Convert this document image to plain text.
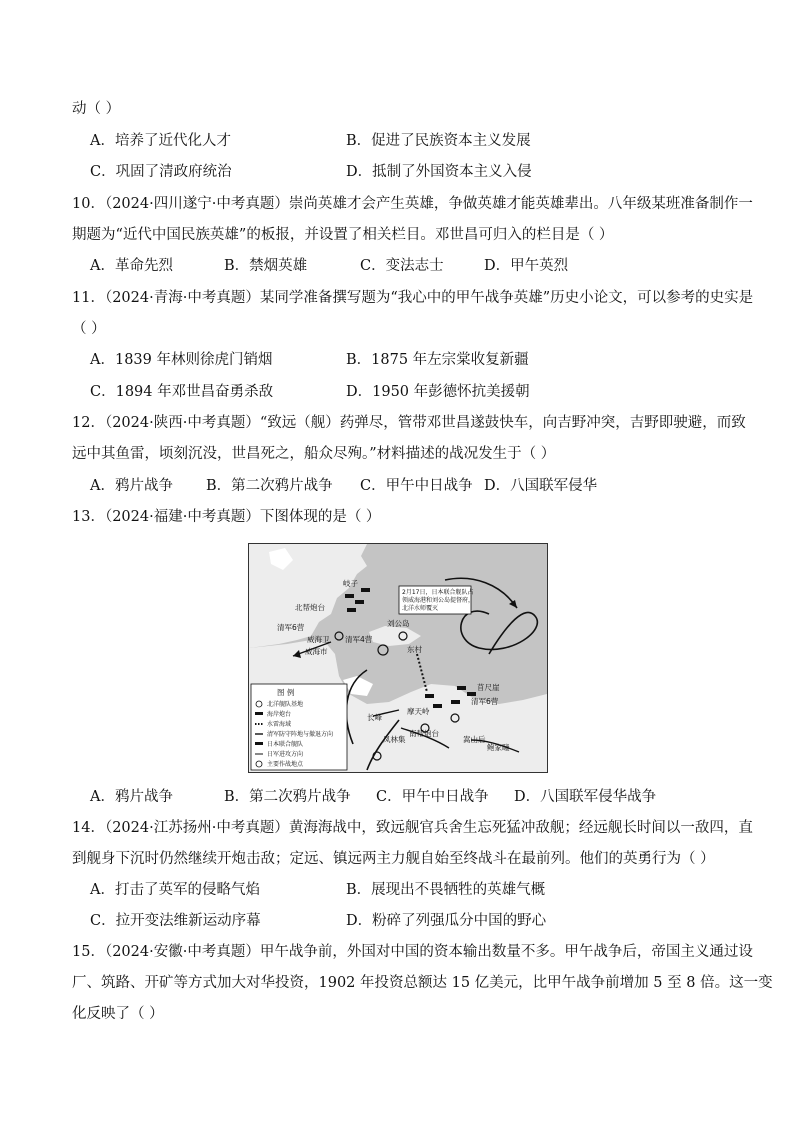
动（ ）
A．培养了近代化人才	B．促进了民族资本主义发展
C．巩固了清政府统治	D．抵制了外国资本主义入侵
10．（2024·四川遂宁·中考真题）崇尚英雄才会产生英雄，争做英雄才能英雄辈出。八年级某班准备制作一
期题为“近代中国民族英雄”的板报，并设置了相关栏目。邓世昌可归入的栏目是（ ）
A．革命先烈	B．禁烟英雄	C．变法志士	D．甲午英烈
11．（2024·青海·中考真题）某同学准备撰写题为“我心中的甲午战争英雄”历史小论文，可以参考的史实是
（ ）
A．1839 年林则徐虎门销烟	B．1875 年左宗棠收复新疆
C．1894 年邓世昌奋勇杀敌	D．1950 年彭德怀抗美援朝
12．（2024·陕西·中考真题）“致远（舰）药弹尽，管带邓世昌遂鼓快车，向吉野冲突，吉野即驶避，而致
远中其鱼雷，顷刻沉没，世昌死之，船众尽殉。”材料描述的战况发生于（ ）
A．鸦片战争 B．第二次鸦片战争 C．甲午中日战争 D．八国联军侵华
13．（2024·福建·中考真题）下图体现的是（ ）
2月17日，日本联合舰队占
领威海港和刘公岛提督府，
北洋水师覆灭
岐子
北帮炮台
清军6营
威海卫
威海市
清军4营
刘公岛
东村
苜尺崖
清军6营
长峰
摩天岭
南帮炮台
凤林集	嵩山后
鲍家疃
图 例
北洋舰队基地
海岸炮台
水雷海域
清军防守阵地与撤退方向
日本联合舰队
日军进攻方向
主要作战地点
A．鸦片战争	B．第二次鸦片战争 C．甲午中日战争 D．八国联军侵华战争
14．（2024·江苏扬州·中考真题）黄海海战中，致远舰官兵舍生忘死猛冲敌舰；经远舰长时间以一敌四，直
到舰身下沉时仍然继续开炮击敌；定远、镇远两主力舰自始至终战斗在最前列。他们的英勇行为（ ）
A．打击了英军的侵略气焰	B．展现出不畏牺牲的英雄气概
C．拉开变法维新运动序幕	D．粉碎了列强瓜分中国的野心
15．（2024·安徽·中考真题）甲午战争前，外国对中国的资本输出数量不多。甲午战争后，帝国主义通过设
厂、筑路、开矿等方式加大对华投资，1902 年投资总额达 15 亿美元，比甲午战争前增加 5 至 8 倍。这一变
化反映了（ ）
